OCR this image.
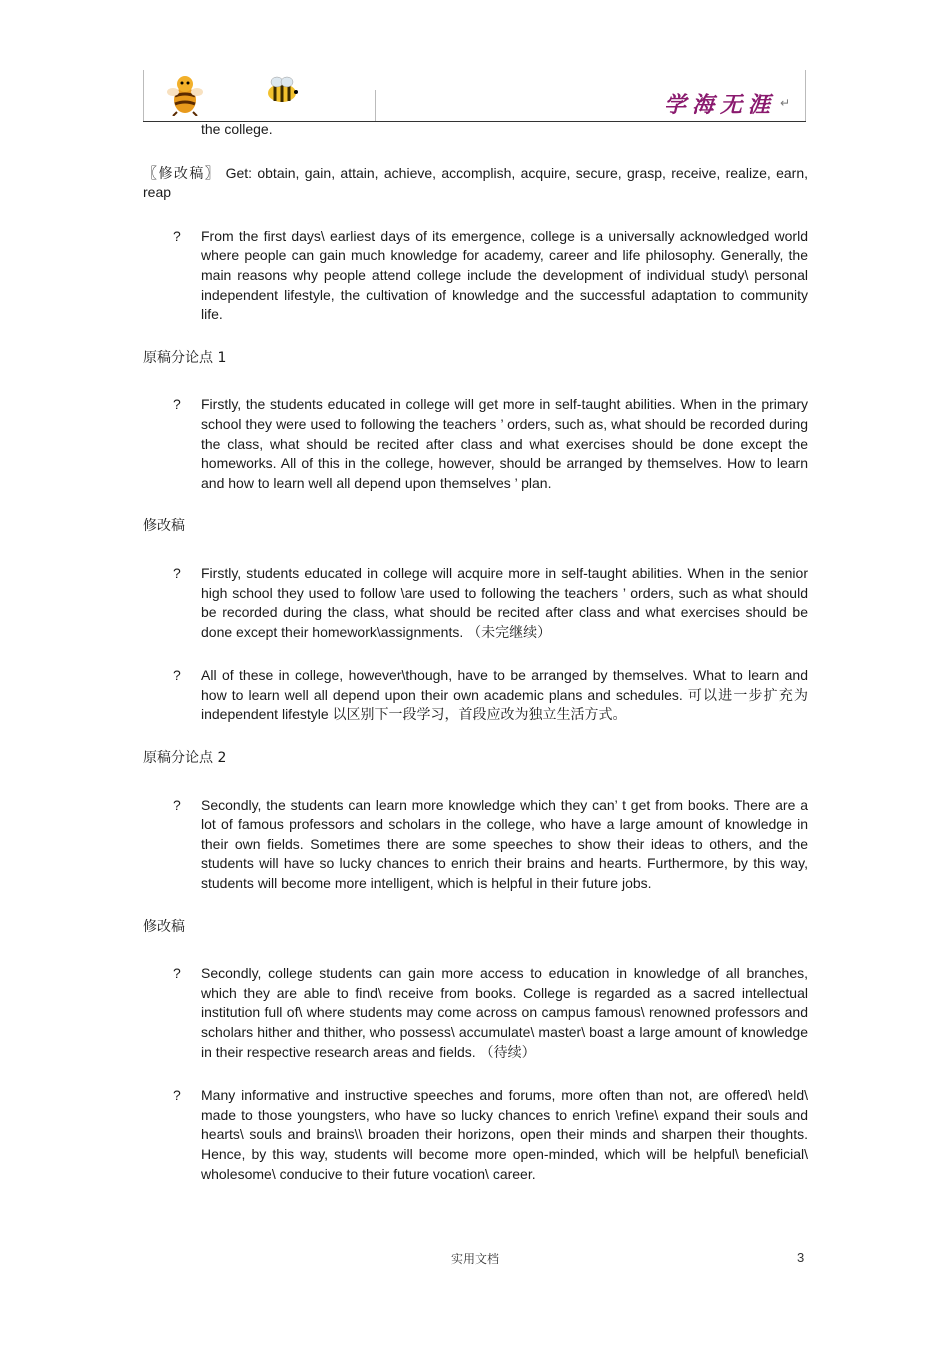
学海无涯 ↵

the college.

〖修改稿〗 Get: obtain, gain, attain, achieve, accomplish, acquire, secure, grasp, receive, realize, earn, reap

? From the first days\ earliest days of its emergence, college is a universally acknowledged world where people can gain much knowledge for academy, career and life philosophy. Generally, the main reasons why people attend college include the development of individual study\ personal independent lifestyle, the cultivation of knowledge and the successful adaptation to community life.

原稿分论点 1

? Firstly, the students educated in college will get more in self-taught abilities. When in the primary school they were used to following the teachers ’ orders, such as, what should be recorded during the class, what should be recited after class and what exercises should be done except the homeworks. All of this in the college, however, should be arranged by themselves. How to learn and how to learn well all depend upon themselves ’ plan.

修改稿

? Firstly, students educated in college will acquire more in self-taught abilities. When in the senior high school they used to follow \are used to following the teachers ’ orders, such as what should be recorded during the class, what should be recited after class and what exercises should be done except their homework\assignments. （未完继续）
? All of these in college, however\though, have to be arranged by themselves. What to learn and how to learn well all depend upon their own academic plans and schedules. 可以进一步扩充为 independent lifestyle 以区别下一段学习，首段应改为独立生活方式。

原稿分论点 2

? Secondly, the students can learn more knowledge which they can’ t get from books. There are a lot of famous professors and scholars in the college, who have a large amount of knowledge in their own fields. Sometimes there are some speeches to show their ideas to others, and the students will have so lucky chances to enrich their brains and hearts. Furthermore, by this way, students will become more intelligent, which is helpful in their future jobs.

修改稿

? Secondly, college students can gain more access to education in knowledge of all branches, which they are able to find\ receive from books. College is regarded as a sacred intellectual institution full of\ where students may come across on campus famous\ renowned professors and scholars hither and thither, who possess\ accumulate\ master\ boast a large amount of knowledge in their respective research areas and fields. （待续）
? Many informative and instructive speeches and forums, more often than not, are offered\ held\ made to those youngsters, who have so lucky chances to enrich \refine\ expand their souls and hearts\ souls and brains\\ broaden their horizons, open their minds and sharpen their thoughts. Hence, by this way, students will become more open-minded, which will be helpful\ beneficial\ wholesome\ conducive to their future vocation\ career.
实用文档	3
